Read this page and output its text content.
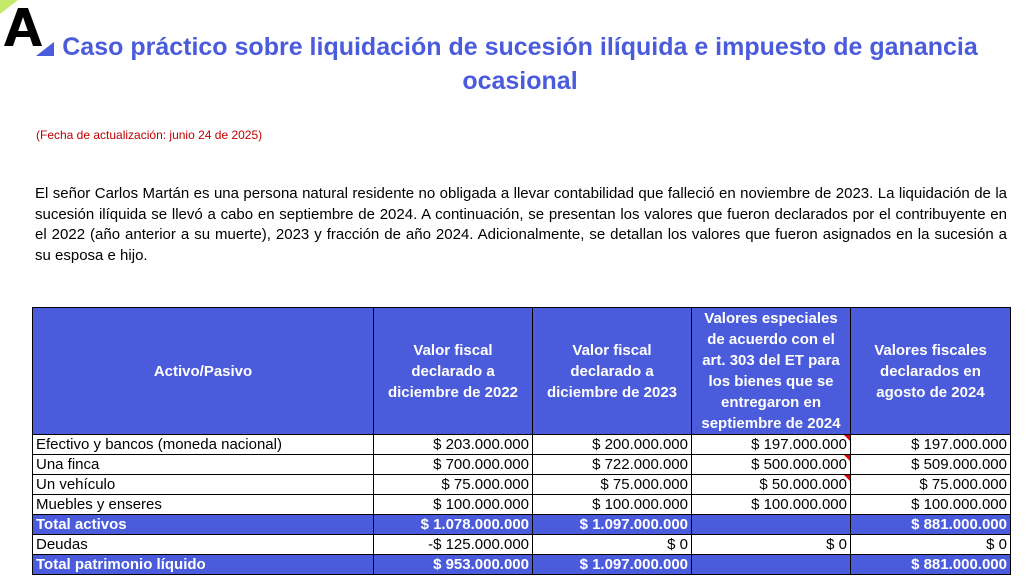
Caso práctico sobre liquidación de sucesión ilíquida e impuesto de ganancia ocasional

(Fecha de actualización: junio 24 de 2025)

El señor Carlos Martán es una persona natural residente no obligada a llevar contabilidad que falleció en noviembre de 2023. La liquidación de la sucesión ilíquida se llevó a cabo en septiembre de 2024. A continuación, se presentan los valores que fueron declarados por el contribuyente en el 2022 (año anterior a su muerte), 2023 y fracción de año 2024. Adicionalmente, se detallan los valores que fueron asignados en la sucesión a su esposa e hijo.

Activo/Pasivo	Valor fiscal declarado a diciembre de 2022	Valor fiscal declarado a diciembre de 2023	Valores especiales de acuerdo con el art. 303 del ET para los bienes que se entregaron en septiembre de 2024	Valores fiscales declarados en agosto de 2024
Efectivo y bancos (moneda nacional)	$ 203.000.000	$ 200.000.000	$ 197.000.000	$ 197.000.000
Una finca	$ 700.000.000	$ 722.000.000	$ 500.000.000	$ 509.000.000
Un vehículo	$ 75.000.000	$ 75.000.000	$ 50.000.000	$ 75.000.000
Muebles y enseres	$ 100.000.000	$ 100.000.000	$ 100.000.000	$ 100.000.000
Total activos	$ 1.078.000.000	$ 1.097.000.000		$ 881.000.000
Deudas	-$ 125.000.000	$ 0	$ 0	$ 0
Total patrimonio líquido	$ 953.000.000	$ 1.097.000.000		$ 881.000.000
